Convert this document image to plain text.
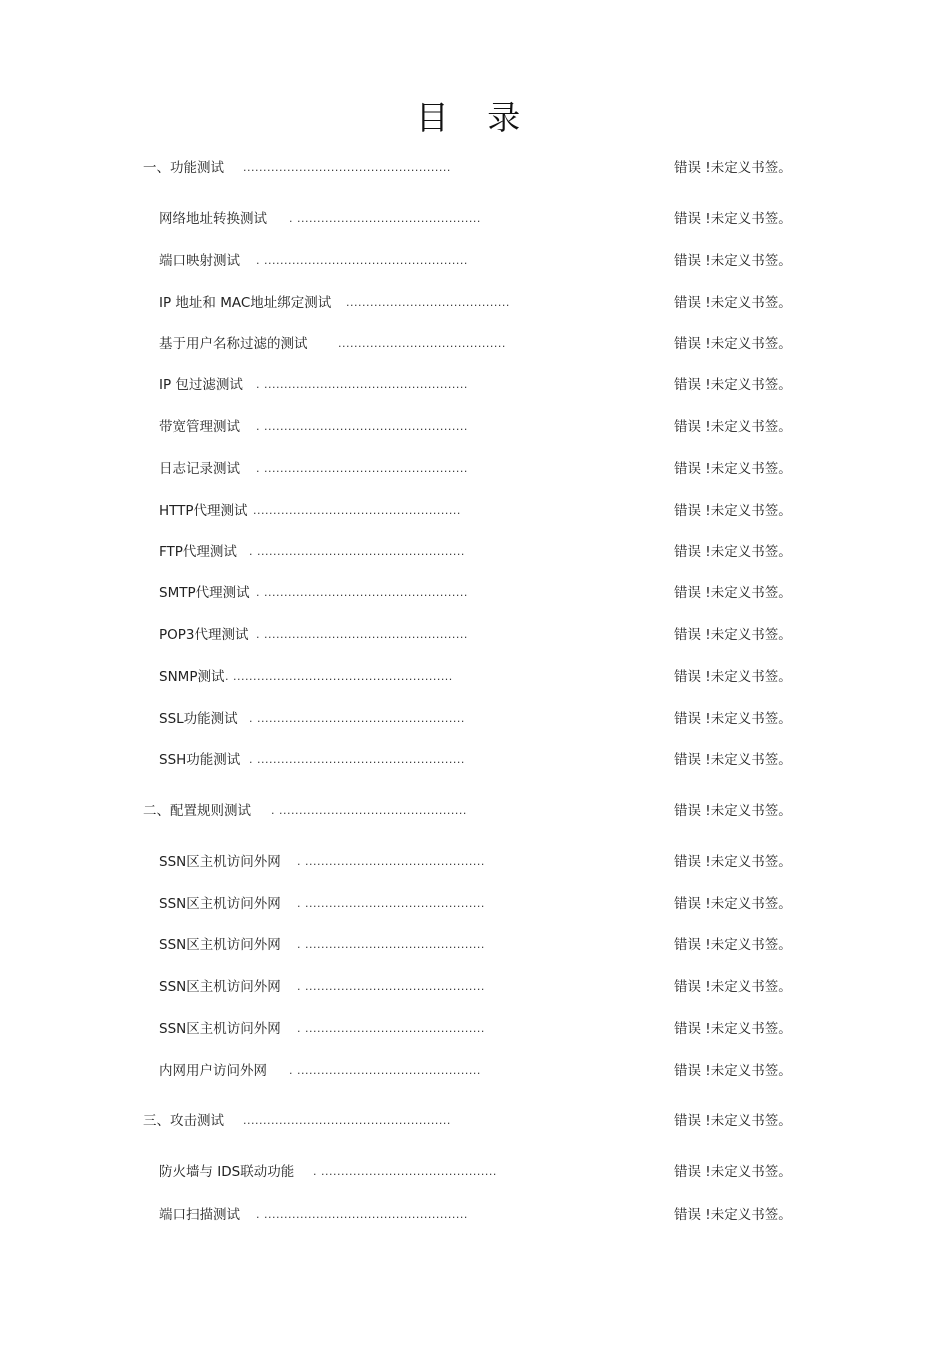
目 录
一、功能测试 ....................................................	错误 !未定义书签。
网络地址转换测试 . ..............................................	错误 !未定义书签。
端口映射测试 . ...................................................	错误 !未定义书签。
IP 地址和 MAC地址绑定测试 .........................................	错误 !未定义书签。
基于用户名称过滤的测试	..........................................	错误 !未定义书签。
IP 包过滤测试 . ...................................................	错误 !未定义书签。
带宽管理测试 . ...................................................	错误 !未定义书签。
日志记录测试 . ...................................................	错误 !未定义书签。
HTTP代理测试 ....................................................	错误 !未定义书签。
FTP代理测试 . ....................................................	错误 !未定义书签。
SMTP代理测试 . ...................................................	错误 !未定义书签。
POP3代理测试 . ...................................................	错误 !未定义书签。
SNMP测试 . .......................................................	错误 !未定义书签。
SSL功能测试 . ....................................................	错误 !未定义书签。
SSH功能测试 . ....................................................	错误 !未定义书签。
二、配置规则测试 . ...............................................	错误 !未定义书签。
SSN区主机访问外网 . .............................................	错误 !未定义书签。
SSN区主机访问外网 . .............................................	错误 !未定义书签。
SSN区主机访问外网 . .............................................	错误 !未定义书签。
SSN区主机访问外网 . .............................................	错误 !未定义书签。
SSN区主机访问外网 . .............................................	错误 !未定义书签。
内网用户访问外网 . ..............................................	错误 !未定义书签。
三、攻击测试 ....................................................	错误 !未定义书签。
防火墙与 IDS联动功能 . ............................................	错误 !未定义书签。
端口扫描测试 . ...................................................	错误 !未定义书签。
